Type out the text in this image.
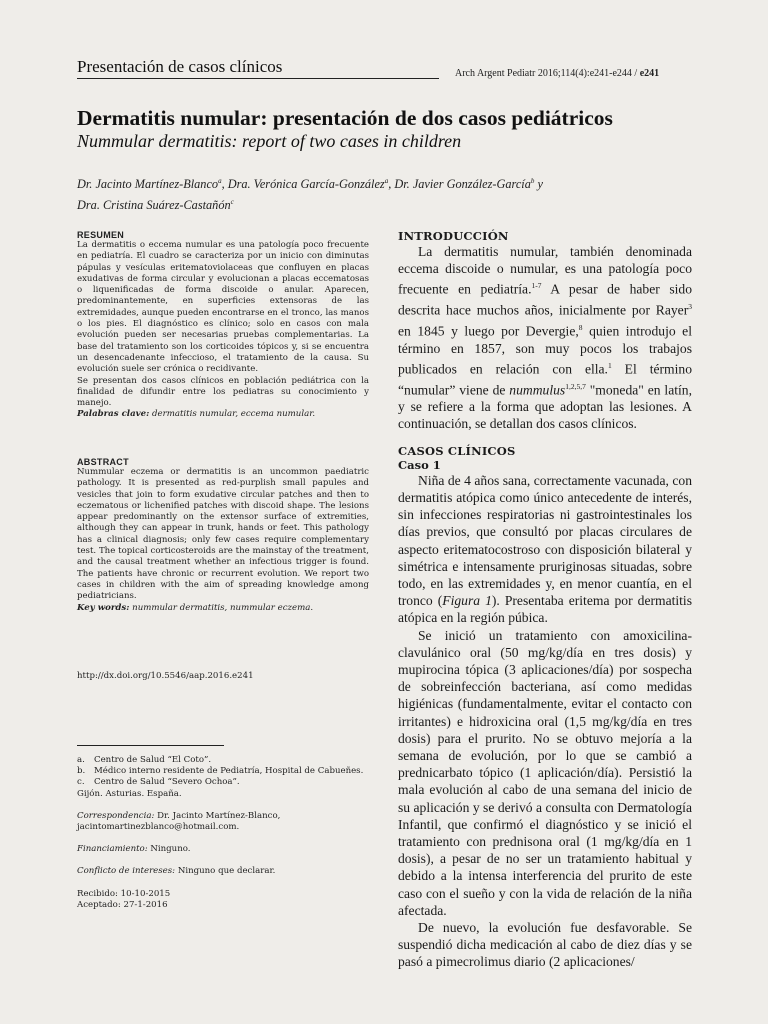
Presentación de casos clínicos	Arch Argent Pediatr 2016;114(4):e241-e244 / e241
Dermatitis numular: presentación de dos casos pediátricos
Nummular dermatitis: report of two cases in children
Dr. Jacinto Martínez-Blanco$^a$, Dra. Verónica García-González$^a$, Dr. Javier González-García$^b$ y
Dra. Cristina Suárez-Castañón$^c$
RESUMEN

La dermatitis o eccema numular es una patología poco frecuente en pediatría. El cuadro se caracteriza por un inicio con diminutas pápulas y vesículas eritematoviolaceas que confluyen en placas exudativas de forma circular y evolucionan a placas eccematosas o liquenificadas de forma discoide o anular. Aparecen, predominantemente, en superficies extensoras de las extremidades, aunque pueden encontrarse en el tronco, las manos o los pies. El diagnóstico es clínico; solo en casos con mala evolución pueden ser necesarias pruebas complementarias. La base del tratamiento son los corticoides tópicos y, si se encuentra un desencadenante infeccioso, el tratamiento de la causa. Su evolución suele ser crónica o recidivante.

Se presentan dos casos clínicos en población pediátrica con la finalidad de difundir entre los pediatras su conocimiento y manejo.

Palabras clave: dermatitis numular, eccema numular.
ABSTRACT

Nummular eczema or dermatitis is an uncommon paediatric pathology. It is presented as red-purplish small papules and vesicles that join to form exudative circular patches and then to eczematous or lichenified patches with discoid shape. The lesions appear predominantly on the extensor surface of extremities, although they can appear in trunk, hands or feet. This pathology has a clinical diagnosis; only few cases require complementary test. The topical corticosteroids are the mainstay of the treatment, and the causal treatment whether an infectious trigger is found. The patients have chronic or recurrent evolution. We report two cases in children with the aim of spreading knowledge among pediatricians.

Key words: nummular dermatitis, nummular eczema.
http://dx.doi.org/10.5546/aap.2016.e241
a.	Centro de Salud “El Coto”.
b.	Médico interno residente de Pediatría, Hospital de Cabueñes.
c.	Centro de Salud “Severo Ochoa”.
Gijón. Asturias. España.
Correspondencia: Dr. Jacinto Martínez-Blanco,
jacintomartinezblanco@hotmail.com.
Financiamiento: Ninguno.
Conflicto de intereses: Ninguno que declarar.
Recibido: 10-10-2015
Aceptado: 27-1-2016
INTRODUCCIÓN

La dermatitis numular, también denominada eccema discoide o numular, es una patología poco frecuente en pediatría.$^{1-7}$ A pesar de haber sido descrita hace muchos años, inicialmente por Rayer$^3$ en 1845 y luego por Devergie,$^8$ quien introdujo el término en 1857, son muy pocos los trabajos publicados en relación con ella.$^1$ El término “numular” viene de nummulus$^{1,2,5,7}$ "moneda" en latín, y se refiere a la forma que adoptan las lesiones. A continuación, se detallan dos casos clínicos.

CASOS CLÍNICOS
Caso 1

Niña de 4 años sana, correctamente vacunada, con dermatitis atópica como único antecedente de interés, sin infecciones respiratorias ni gastrointestinales los días previos, que consultó por placas circulares de aspecto eritematocostroso con disposición bilateral y simétrica e intensamente pruriginosas situadas, sobre todo, en las extremidades y, en menor cuantía, en el tronco (Figura 1). Presentaba eritema por dermatitis atópica en la región púbica.

Se inició un tratamiento con amoxicilina-clavulánico oral (50 mg/kg/día en tres dosis) y mupirocina tópica (3 aplicaciones/día) por sospecha de sobreinfección bacteriana, así como medidas higiénicas (fundamentalmente, evitar el contacto con irritantes) e hidroxicina oral (1,5 mg/kg/día en tres dosis) para el prurito. No se obtuvo mejoría a la semana de evolución, por lo que se cambió a prednicarbato tópico (1 aplicación/día). Persistió la mala evolución al cabo de una semana del inicio de su aplicación y se derivó a consulta con Dermatología Infantil, que confirmó el diagnóstico y se inició el tratamiento con prednisona oral (1 mg/kg/día en 1 dosis), a pesar de no ser un tratamiento habitual y debido a la intensa interferencia del prurito de este caso con el sueño y con la vida de relación de la niña afectada.

De nuevo, la evolución fue desfavorable. Se suspendió dicha medicación al cabo de diez días y se pasó a pimecrolimus diario (2 aplicaciones/
